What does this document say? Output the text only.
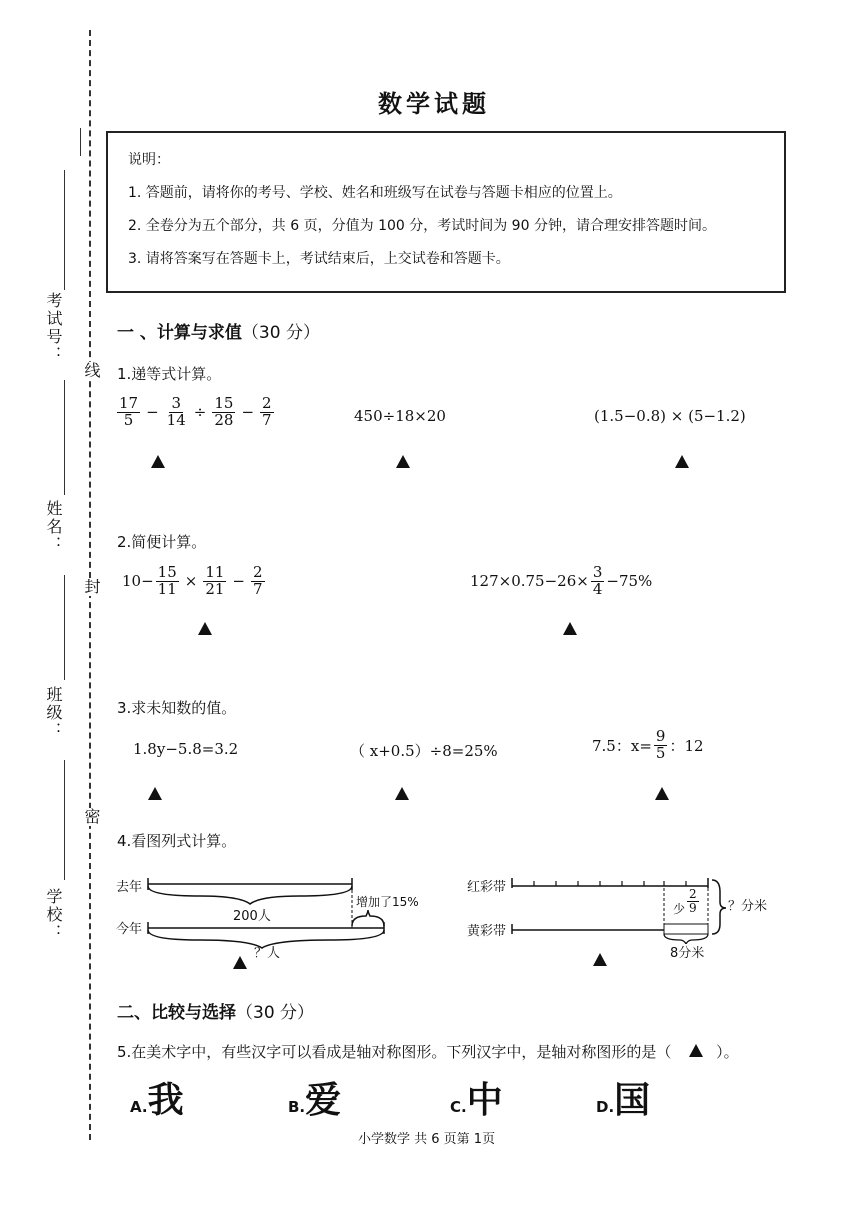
考试号：
姓名：
班级：
学校：
线
封
密
数学试题
说明：
1. 答题前，请将你的考号、学校、姓名和班级写在试卷与答题卡相应的位置上。
2. 全卷分为五个部分，共 6 页，分值为 100 分，考试时间为 90 分钟，请合理安排答题时间。
3. 请将答案写在答题卡上，考试结束后，上交试卷和答题卡。
一 、计算与求值（30 分）
1.递等式计算。
$\frac{17}{5} - \frac{3}{14} \div \frac{15}{28} - \frac{2}{7}$	450÷18×20	(1.5−0.8) × (5−1.2)
2.简便计算。
$10- \frac{15}{11} \times \frac{11}{21} - \frac{2}{7}$	$127\times 0.75-26\times \frac{3}{4} -75\%$
3.求未知数的值。
1.8y−5.8=3.2	（ x+0.5）÷8=25%	7.5：$x= \frac{9}{5}$ ：12
4.看图列式计算。
去年
今年
200人
增加了15%
？人
红彩带
黄彩带
少 $\frac{2}{9}$
8分米
？分米
二、比较与选择（30 分）
5.在美术字中，有些汉字可以看成是轴对称图形。下列汉字中，是轴对称图形的是（	）。
A.我	B.爱	C.中	D.国
小学数学 共 6 页第 1页
